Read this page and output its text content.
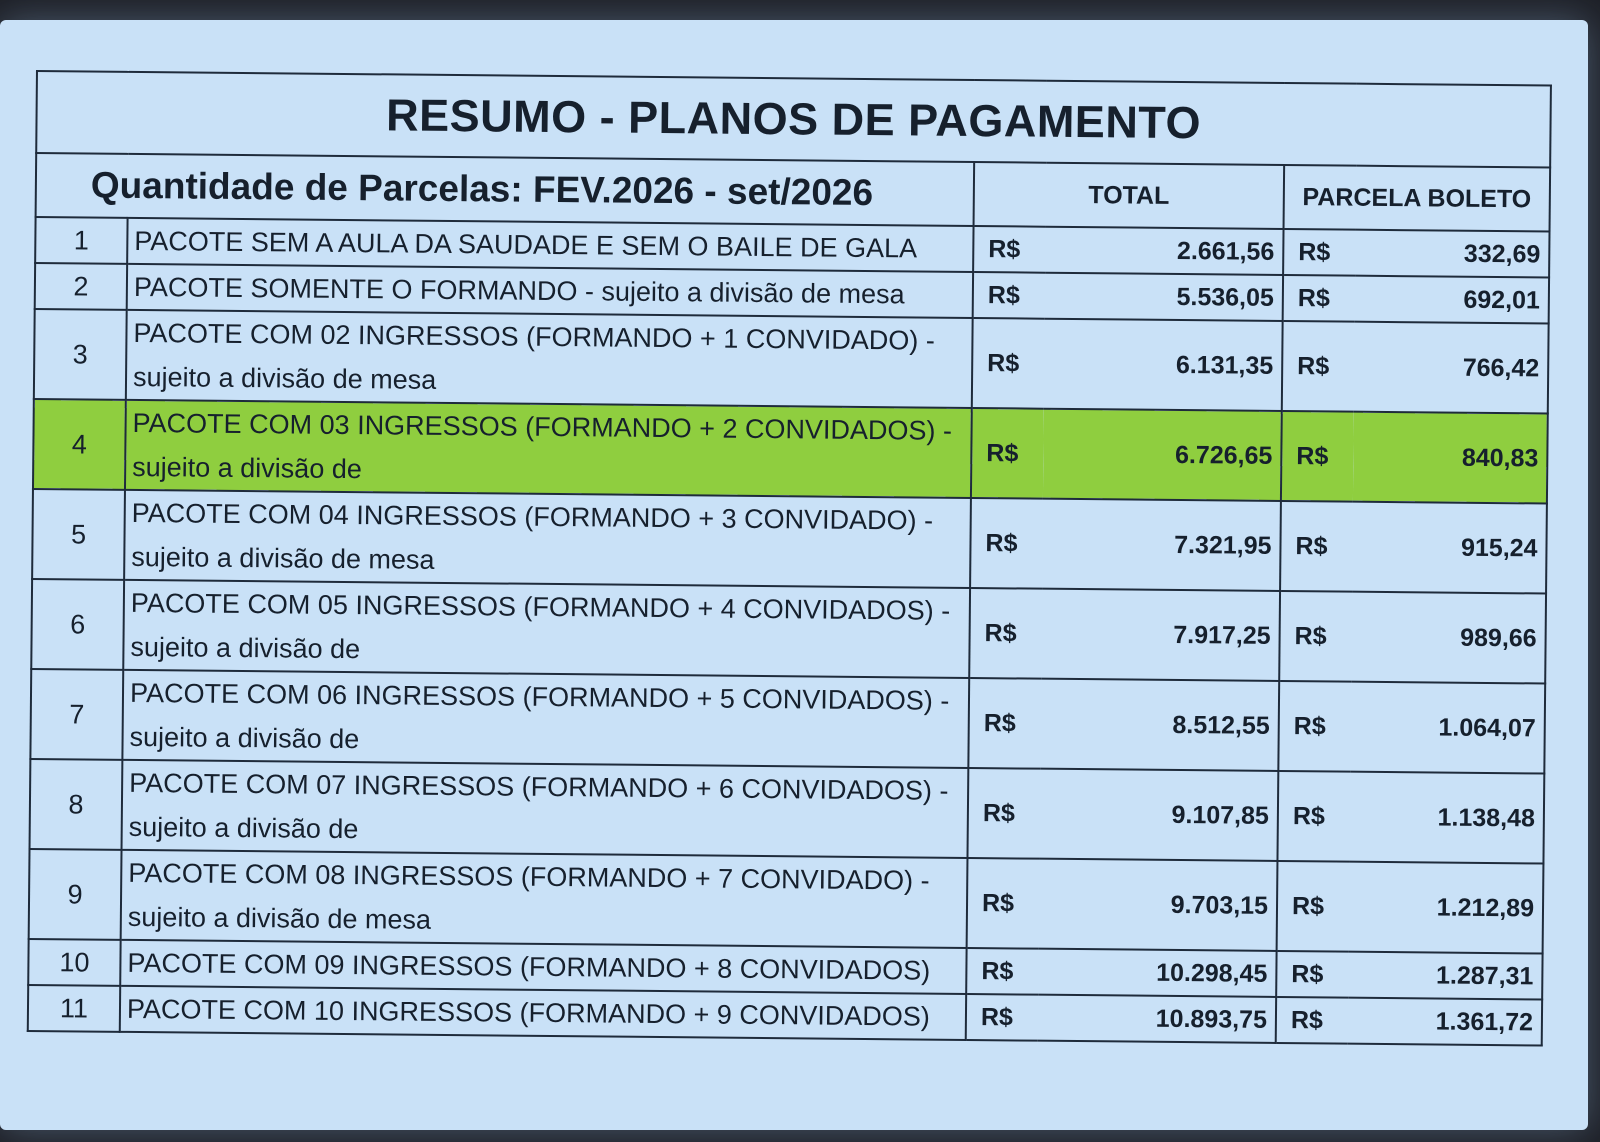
RESUMO - PLANOS DE PAGAMENTO					
Quantidade de Parcelas: FEV.2026 - set/2026		TOTAL		PARCELA BOLETO	
1	PACOTE SEM A AULA DA SAUDADE E SEM O BAILE DE GALA	R$	2.661,56	R$	332,69
2	PACOTE SOMENTE O FORMANDO - sujeito a divisão de mesa	R$	5.536,05	R$	692,01
3	PACOTE COM 02 INGRESSOS (FORMANDO + 1 CONVIDADO) -
sujeito a divisão de mesa	R$	6.131,35	R$	766,42
4	PACOTE COM 03 INGRESSOS (FORMANDO + 2 CONVIDADOS) -
sujeito a divisão de	R$	6.726,65	R$	840,83
5	PACOTE COM 04 INGRESSOS (FORMANDO + 3 CONVIDADO) -
sujeito a divisão de mesa	R$	7.321,95	R$	915,24
6	PACOTE COM 05 INGRESSOS (FORMANDO + 4 CONVIDADOS) -
sujeito a divisão de	R$	7.917,25	R$	989,66
7	PACOTE COM 06 INGRESSOS (FORMANDO + 5 CONVIDADOS) -
sujeito a divisão de	R$	8.512,55	R$	1.064,07
8	PACOTE COM 07 INGRESSOS (FORMANDO + 6 CONVIDADOS) -
sujeito a divisão de	R$	9.107,85	R$	1.138,48
9	PACOTE COM 08 INGRESSOS (FORMANDO + 7 CONVIDADO) -
sujeito a divisão de mesa	R$	9.703,15	R$	1.212,89
10	PACOTE COM 09 INGRESSOS (FORMANDO + 8 CONVIDADOS)	R$	10.298,45	R$	1.287,31
11	PACOTE COM 10 INGRESSOS (FORMANDO + 9 CONVIDADOS)	R$	10.893,75	R$	1.361,72
